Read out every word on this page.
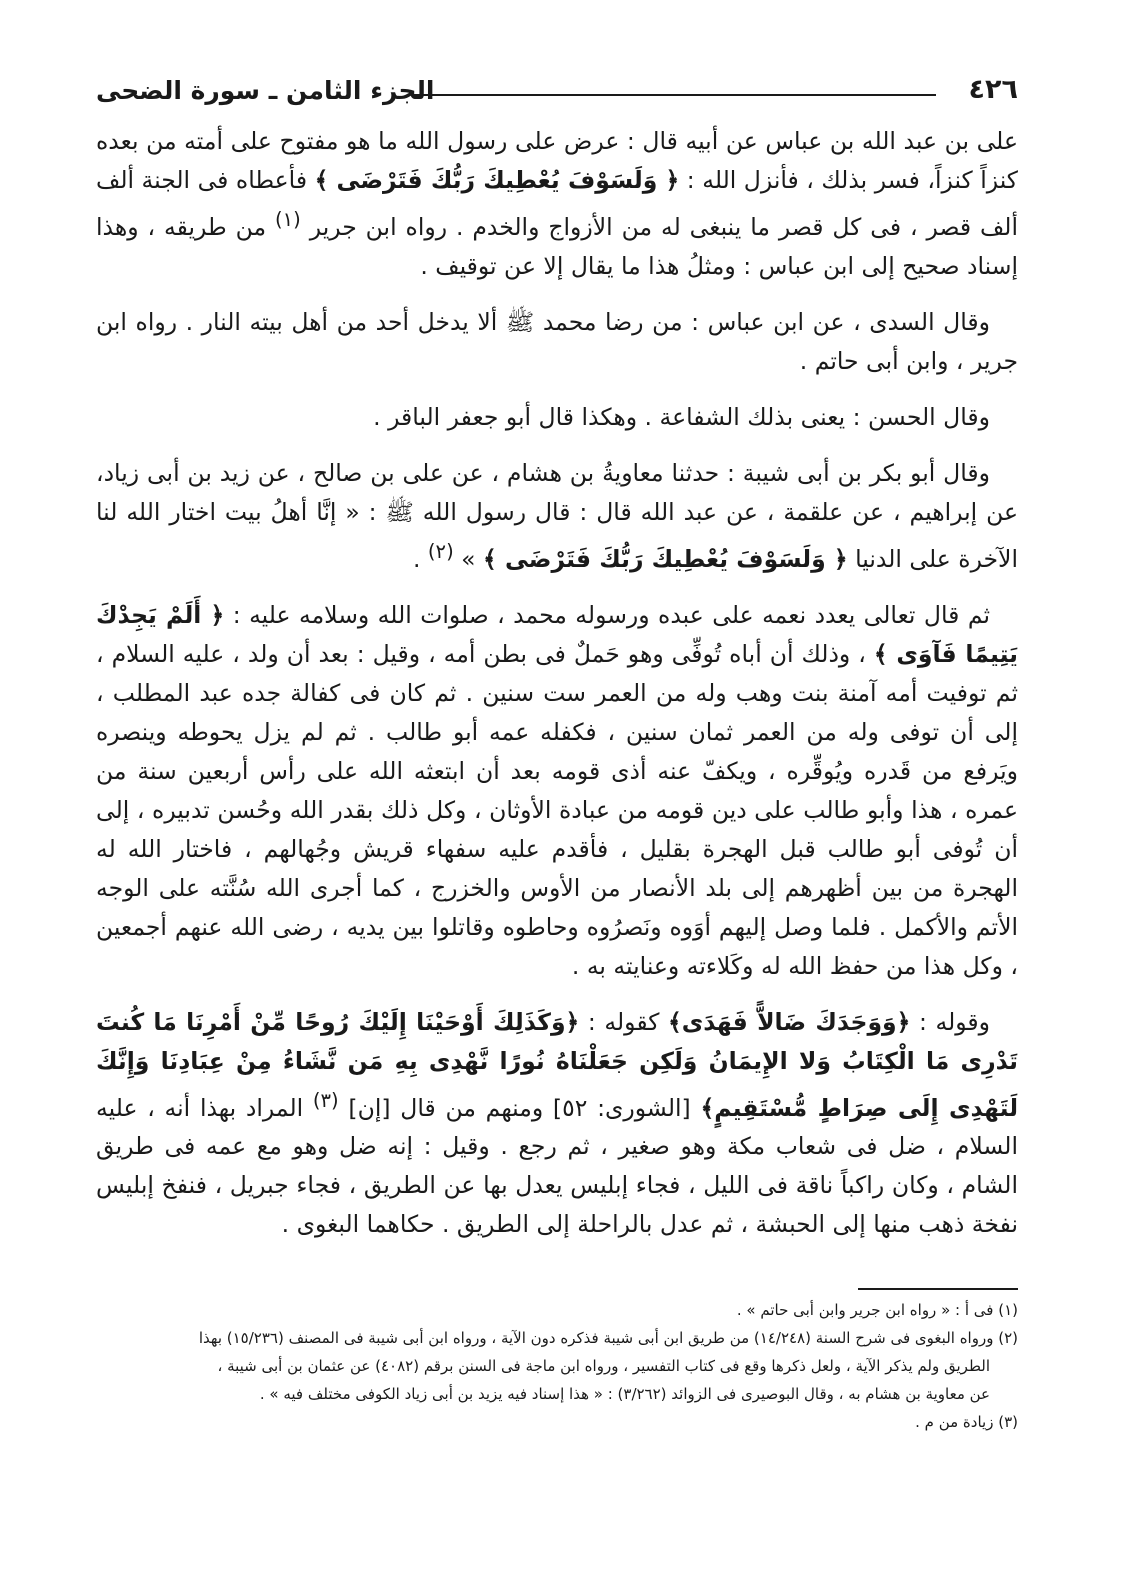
٤٢٦
الجزء الثامن ـ سورة الضحى

على بن عبد الله بن عباس عن أبيه قال : عرض على رسول الله ما هو مفتوح على أمته من بعده كنزاً كنزاً، فسر بذلك ، فأنزل الله : ﴿ وَلَسَوْفَ يُعْطِيكَ رَبُّكَ فَتَرْضَى ﴾ فأعطاه فى الجنة ألف ألف قصر ، فى كل قصر ما ينبغى له من الأزواج والخدم . رواه ابن جرير $^{(١)}$ من طريقه ، وهذا إسناد صحيح إلى ابن عباس : ومثلُ هذا ما يقال إلا عن توقيف .

وقال السدى ، عن ابن عباس : من رضا محمد ﷺ ألا يدخل أحد من أهل بيته النار . رواه ابن جرير ، وابن أبى حاتم .

وقال الحسن : يعنى بذلك الشفاعة . وهكذا قال أبو جعفر الباقر .

وقال أبو بكر بن أبى شيبة : حدثنا معاويةُ بن هشام ، عن على بن صالح ، عن زيد بن أبى زياد، عن إبراهيم ، عن علقمة ، عن عبد الله قال : قال رسول الله ﷺ : « إنَّا أهلُ بيت اختار الله لنا الآخرة على الدنيا ﴿ وَلَسَوْفَ يُعْطِيكَ رَبُّكَ فَتَرْضَى ﴾ » $^{(٢)}$ .

ثم قال تعالى يعدد نعمه على عبده ورسوله محمد ، صلوات الله وسلامه عليه : ﴿ أَلَمْ يَجِدْكَ يَتِيمًا فَآوَى ﴾ ، وذلك أن أباه تُوفِّى وهو حَملٌ فى بطن أمه ، وقيل : بعد أن ولد ، عليه السلام ، ثم توفيت أمه آمنة بنت وهب وله من العمر ست سنين . ثم كان فى كفالة جده عبد المطلب ، إلى أن توفى وله من العمر ثمان سنين ، فكفله عمه أبو طالب . ثم لم يزل يحوطه وينصره ويَرفع من قَدره ويُوقِّره ، ويكفّ عنه أذى قومه بعد أن ابتعثه الله على رأس أربعين سنة من عمره ، هذا وأبو طالب على دين قومه من عبادة الأوثان ، وكل ذلك بقدر الله وحُسن تدبيره ، إلى أن تُوفى أبو طالب قبل الهجرة بقليل ، فأقدم عليه سفهاء قريش وجُهالهم ، فاختار الله له الهجرة من بين أظهرهم إلى بلد الأنصار من الأوس والخزرج ، كما أجرى الله سُنَّته على الوجه الأتم والأكمل . فلما وصل إليهم أوَوه ونَصرُوه وحاطوه وقاتلوا بين يديه ، رضى الله عنهم أجمعين ، وكل هذا من حفظ الله له وكَلاءته وعنايته به .

وقوله : ﴿وَوَجَدَكَ ضَالاًّ فَهَدَى﴾ كقوله : ﴿وَكَذَلِكَ أَوْحَيْنَا إِلَيْكَ رُوحًا مِّنْ أَمْرِنَا مَا كُنتَ تَدْرِى مَا الْكِتَابُ وَلا الإِيمَانُ وَلَكِن جَعَلْنَاهُ نُورًا نَّهْدِى بِهِ مَن نَّشَاءُ مِنْ عِبَادِنَا وَإِنَّكَ لَتَهْدِى إِلَى صِرَاطٍ مُّسْتَقِيمٍ﴾ [الشورى: ٥٢] ومنهم من قال [إن] $^{(٣)}$ المراد بهذا أنه ، عليه السلام ، ضل فى شعاب مكة وهو صغير ، ثم رجع . وقيل : إنه ضل وهو مع عمه فى طريق الشام ، وكان راكباً ناقة فى الليل ، فجاء إبليس يعدل بها عن الطريق ، فجاء جبريل ، فنفخ إبليس نفخة ذهب منها إلى الحبشة ، ثم عدل بالراحلة إلى الطريق . حكاهما البغوى .

(١) فى أ : « رواه ابن جرير وابن أبى حاتم » .

(٢) ورواه البغوى فى شرح السنة (١٤/٢٤٨) من طريق ابن أبى شيبة فذكره دون الآية ، ورواه ابن أبى شيبة فى المصنف (١٥/٢٣٦) بهذا

الطريق ولم يذكر الآية ، ولعل ذكرها وقع فى كتاب التفسير ، ورواه ابن ماجة فى السنن برقم (٤٠٨٢) عن عثمان بن أبى شيبة ،

عن معاوية بن هشام به ، وقال البوصيرى فى الزوائد (٣/٢٦٢) : « هذا إسناد فيه يزيد بن أبى زياد الكوفى مختلف فيه » .

(٣) زيادة من م .
